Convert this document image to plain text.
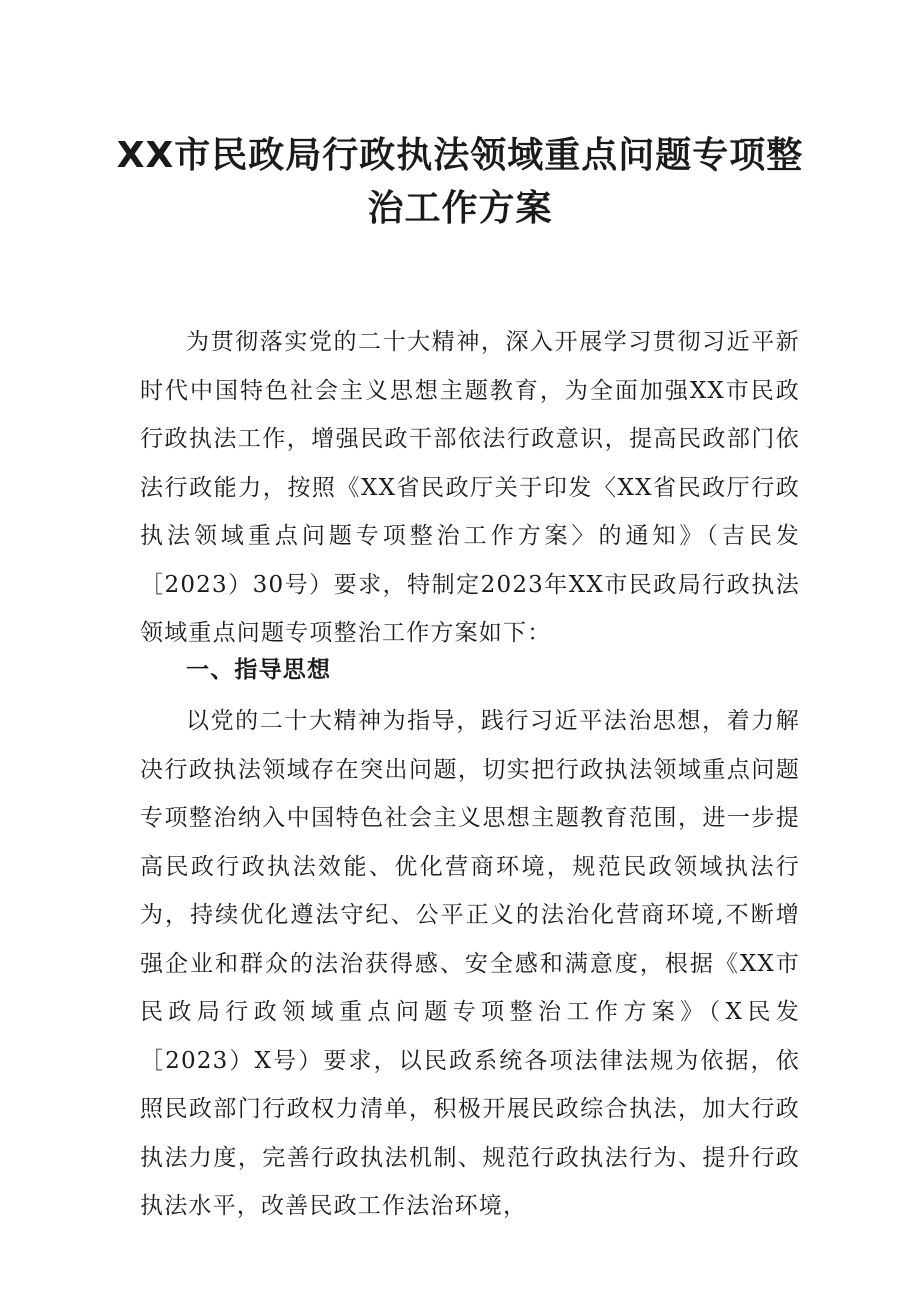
XX市民政局行政执法领域重点问题专项整
治工作方案

为贯彻落实党的二十大精神，深入开展学习贯彻习近平新时代中国特色社会主义思想主题教育，为全面加强XX市民政行政执法工作，增强民政干部依法行政意识，提高民政部门依法行政能力，按照《XX省民政厅关于印发〈XX省民政厅行政执法领域重点问题专项整治工作方案〉的通知》（吉民发［2023）30号）要求，特制定2023年XX市民政局行政执法领域重点问题专项整治工作方案如下：

一、指导思想

以党的二十大精神为指导，践行习近平法治思想，着力解决行政执法领域存在突出问题，切实把行政执法领域重点问题专项整治纳入中国特色社会主义思想主题教育范围，进一步提高民政行政执法效能、优化营商环境，规范民政领域执法行为，持续优化遵法守纪、公平正义的法治化营商环境,不断增强企业和群众的法治获得感、安全感和满意度，根据《XX市民政局行政领域重点问题专项整治工作方案》（X民发［2023）X号）要求，以民政系统各项法律法规为依据，依照民政部门行政权力清单，积极开展民政综合执法，加大行政执法力度，完善行政执法机制、规范行政执法行为、提升行政执法水平，改善民政工作法治环境，
